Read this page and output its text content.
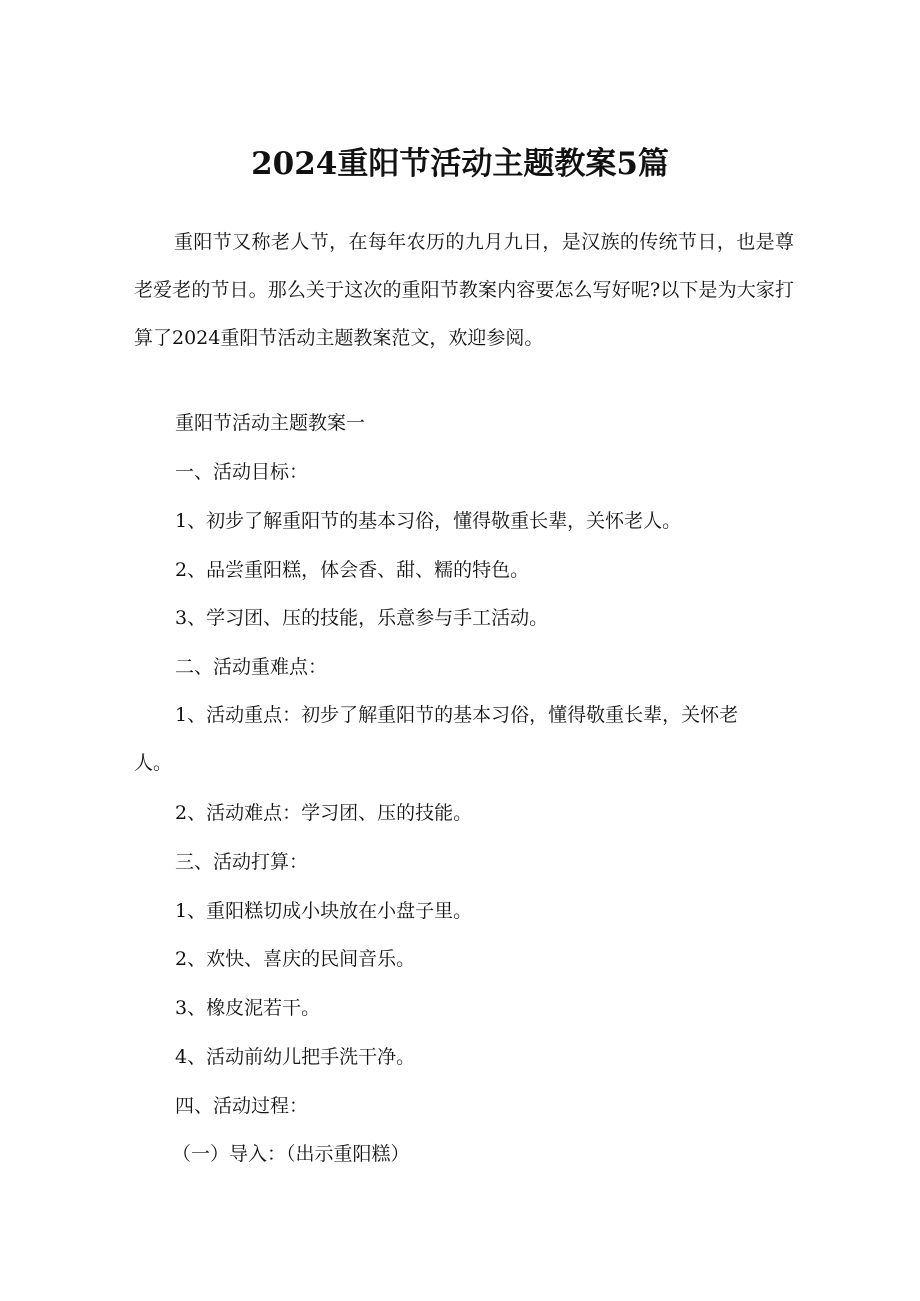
2024重阳节活动主题教案5篇
重阳节又称老人节，在每年农历的九月九日，是汉族的传统节日，也是尊老爱老的节日。那么关于这次的重阳节教案内容要怎么写好呢?以下是为大家打算了2024重阳节活动主题教案范文，欢迎参阅。
重阳节活动主题教案一
一、活动目标：
1、初步了解重阳节的基本习俗，懂得敬重长辈，关怀老人。
2、品尝重阳糕，体会香、甜、糯的特色。
3、学习团、压的技能，乐意参与手工活动。
二、活动重难点：
1、活动重点：初步了解重阳节的基本习俗，懂得敬重长辈，关怀老人。
2、活动难点：学习团、压的技能。
三、活动打算：
1、重阳糕切成小块放在小盘子里。
2、欢快、喜庆的民间音乐。
3、橡皮泥若干。
4、活动前幼儿把手洗干净。
四、活动过程：
（一）导入：（出示重阳糕）
